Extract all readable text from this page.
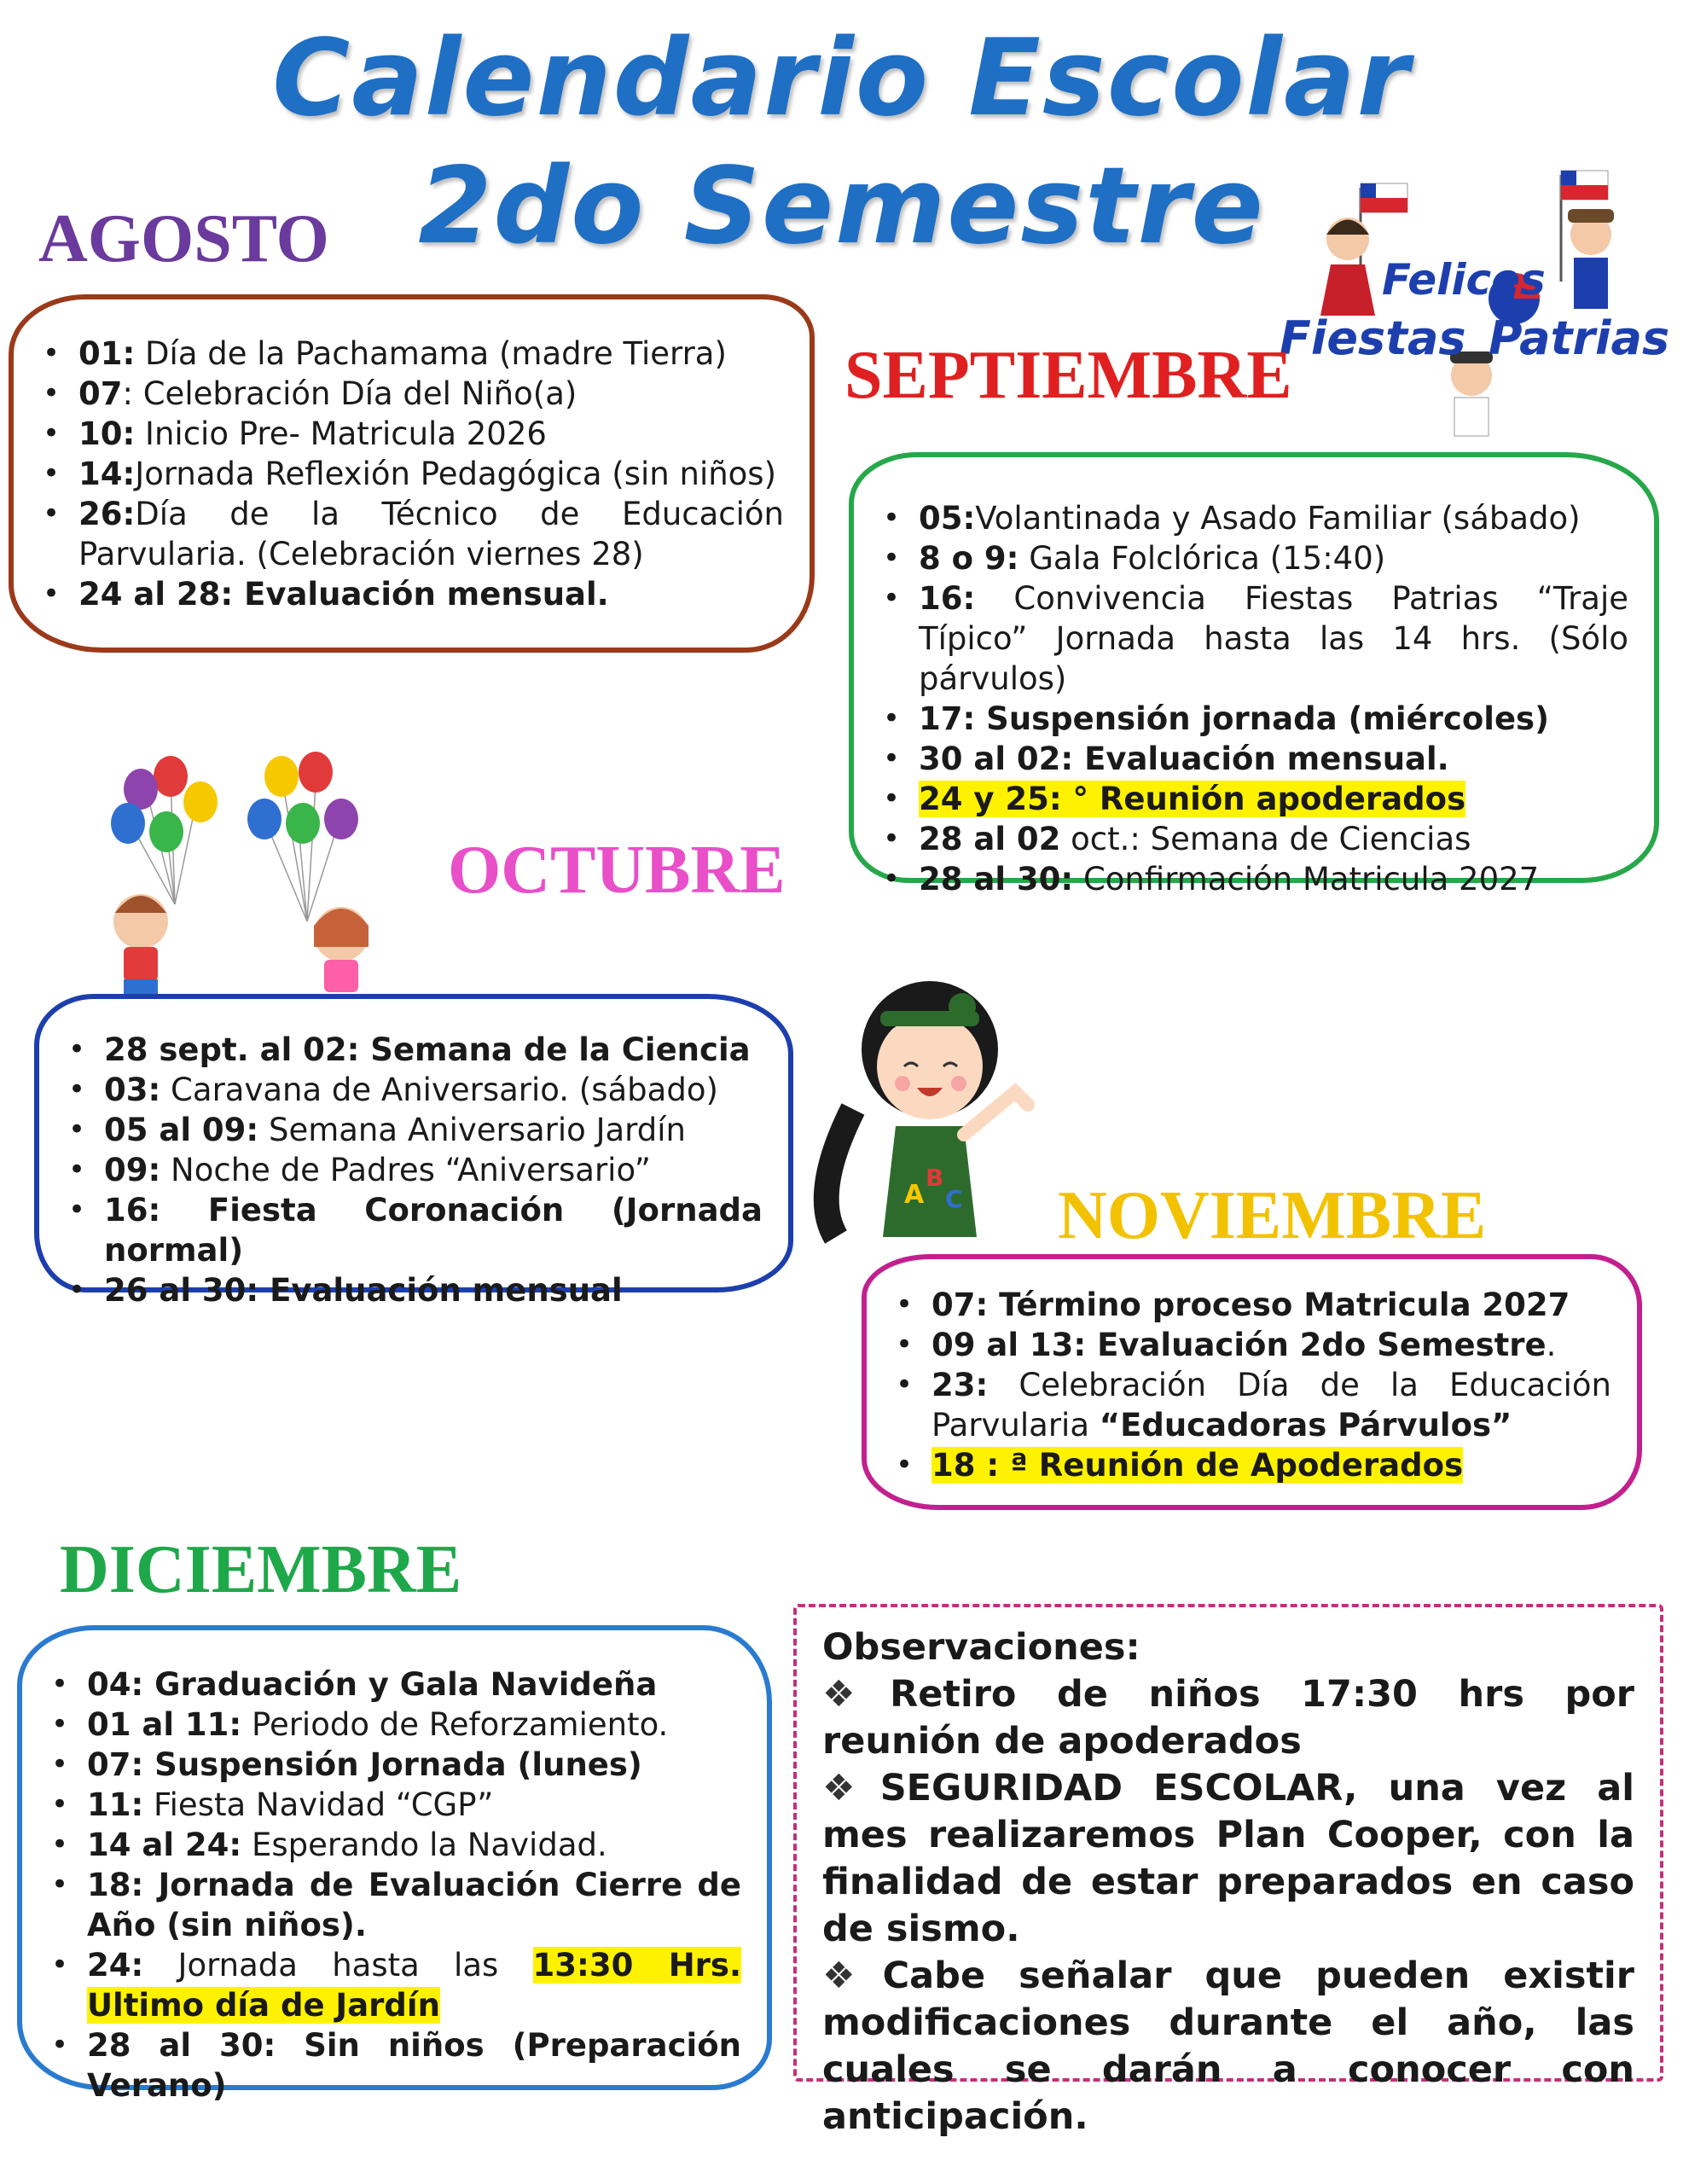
Calendario Escolar
2do Semestre
AGOSTO
• 01: Día de la Pachamama (madre Tierra)
• 07: Celebración Día del Niño(a)
• 10: Inicio Pre- Matricula 2026
• 14:Jornada Reflexión Pedagógica (sin niños)
• 26:Día de la Técnico de Educación Parvularia. (Celebración viernes 28)
• 24 al 28: Evaluación mensual.
Felices
Fiestas Patrias
SEPTIEMBRE
• 05:Volantinada y Asado Familiar (sábado)
• 8 o 9: Gala Folclórica (15:40)
• 16: Convivencia Fiestas Patrias “Traje Típico” Jornada hasta las 14 hrs. (Sólo párvulos)
• 17: Suspensión jornada (miércoles)
• 30 al 02: Evaluación mensual.
• 24 y 25: ° Reunión apoderados
• 28 al 02 oct.: Semana de Ciencias
• 28 al 30: Confirmación Matricula 2027
OCTUBRE
• 28 sept. al 02: Semana de la Ciencia
• 03: Caravana de Aniversario. (sábado)
• 05 al 09: Semana Aniversario Jardín
• 09: Noche de Padres “Aniversario”
• 16: Fiesta Coronación (Jornada normal)
• 26 al 30: Evaluación mensual
A
B
C NOVIEMBRE
• 07: Término proceso Matricula 2027
• 09 al 13: Evaluación 2do Semestre.
• 23: Celebración Día de la Educación Parvularia “Educadoras Párvulos”
• 18 : ª Reunión de Apoderados
DICIEMBRE
• 04: Graduación y Gala Navideña
• 01 al 11: Periodo de Reforzamiento.
• 07: Suspensión Jornada (lunes)
• 11: Fiesta Navidad “CGP”
• 14 al 24: Esperando la Navidad.
• 18: Jornada de Evaluación Cierre de Año (sin niños).
• 24: Jornada hasta las 13:30 Hrs. Ultimo día de Jardín
• 28 al 30: Sin niños (Preparación Verano)

Observaciones:

❖ Retiro de niños 17:30 hrs por reunión de apoderados

❖ SEGURIDAD ESCOLAR, una vez al mes realizaremos Plan Cooper, con la finalidad de estar preparados en caso de sismo.

❖ Cabe señalar que pueden existir modificaciones durante el año, las cuales se darán a conocer con anticipación.
